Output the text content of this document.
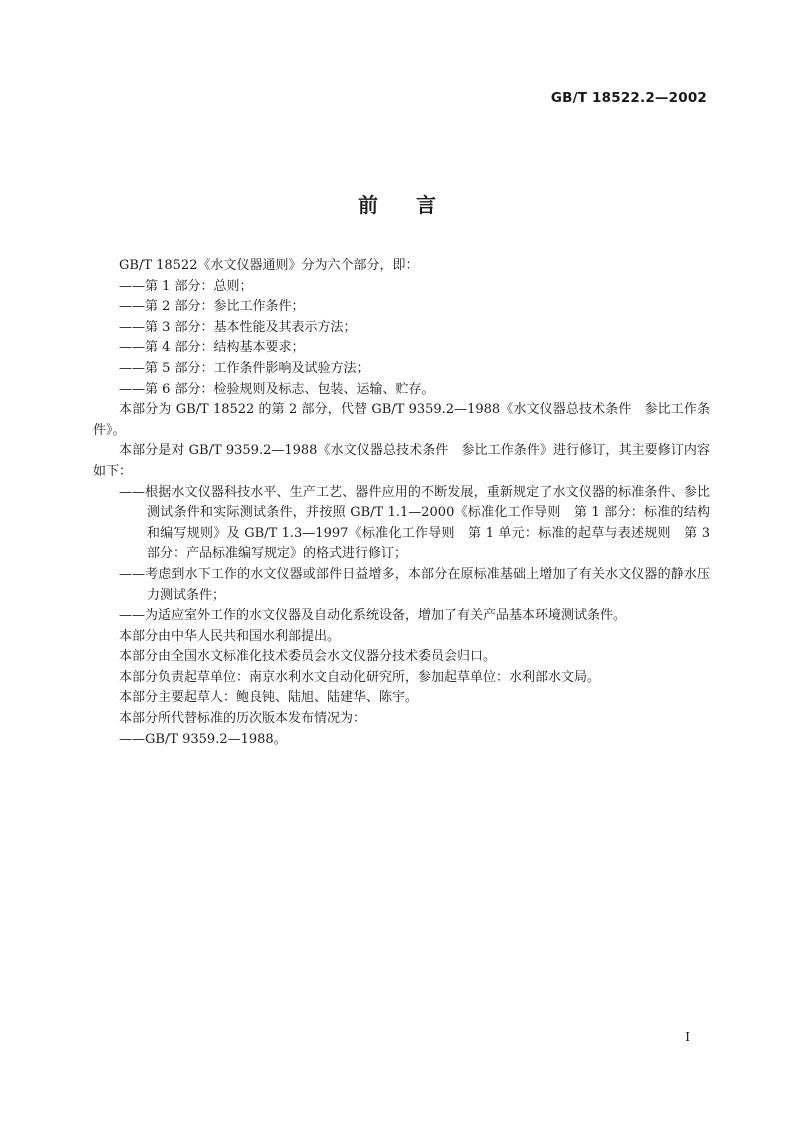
GB/T 18522.2—2002
前言

GB/T 18522《水文仪器通则》分为六个部分，即：

——第 1 部分：总则；

——第 2 部分：参比工作条件；

——第 3 部分：基本性能及其表示方法；

——第 4 部分：结构基本要求；

——第 5 部分：工作条件影响及试验方法；

——第 6 部分：检验规则及标志、包装、运输、贮存。

本部分为 GB/T 18522 的第 2 部分，代替 GB/T 9359.2—1988《水文仪器总技术条件　参比工作条件》。

本部分是对 GB/T 9359.2—1988《水文仪器总技术条件　参比工作条件》进行修订，其主要修订内容如下：

——根据水文仪器科技水平、生产工艺、器件应用的不断发展，重新规定了水文仪器的标准条件、参比测试条件和实际测试条件，并按照 GB/T 1.1—2000《标准化工作导则　第 1 部分：标准的结构和编写规则》及 GB/T 1.3—1997《标准化工作导则　第 1 单元：标准的起草与表述规则　第 3 部分：产品标准编写规定》的格式进行修订；

——考虑到水下工作的水文仪器或部件日益增多，本部分在原标准基础上增加了有关水文仪器的静水压力测试条件；

——为适应室外工作的水文仪器及自动化系统设备，增加了有关产品基本环境测试条件。

本部分由中华人民共和国水利部提出。

本部分由全国水文标准化技术委员会水文仪器分技术委员会归口。

本部分负责起草单位：南京水利水文自动化研究所，参加起草单位：水利部水文局。

本部分主要起草人：鲍良钝、陆旭、陆建华、陈宇。

本部分所代替标准的历次版本发布情况为：

——GB/T 9359.2—1988。

I
